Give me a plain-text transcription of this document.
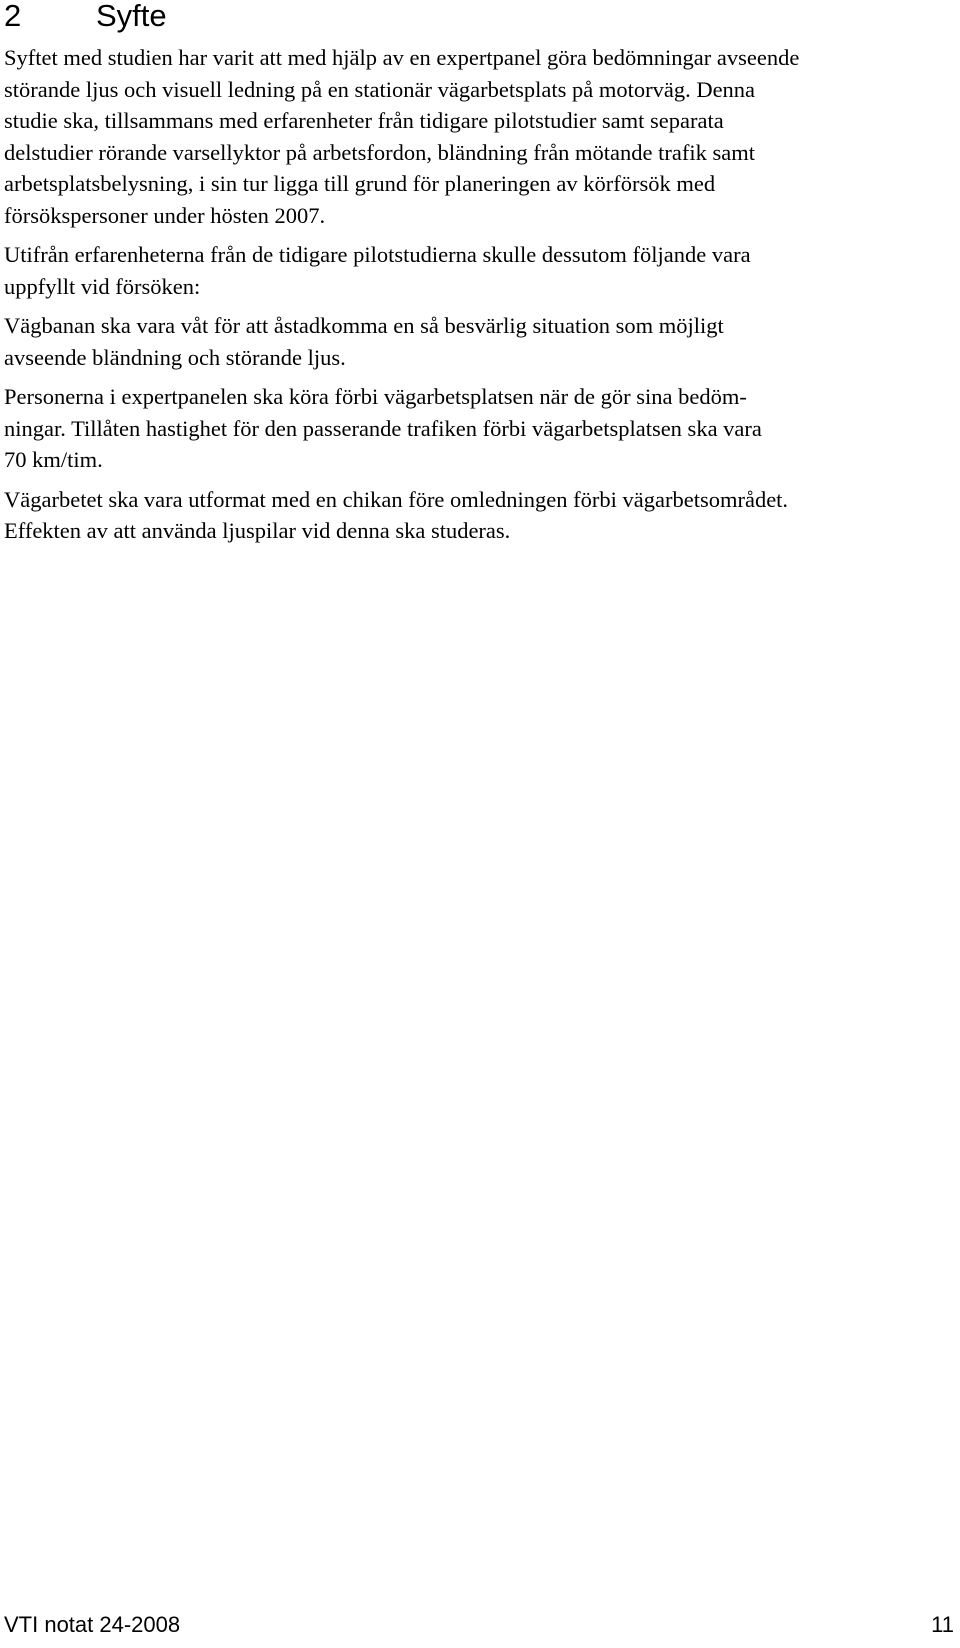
2 Syfte

Syftet med studien har varit att med hjälp av en expertpanel göra bedömningar avseende
störande ljus och visuell ledning på en stationär vägarbetsplats på motorväg. Denna
studie ska, tillsammans med erfarenheter från tidigare pilotstudier samt separata
delstudier rörande varsellyktor på arbetsfordon, bländning från mötande trafik samt
arbetsplatsbelysning, i sin tur ligga till grund för planeringen av körförsök med
försökspersoner under hösten 2007.

Utifrån erfarenheterna från de tidigare pilotstudierna skulle dessutom följande vara
uppfyllt vid försöken:

Vägbanan ska vara våt för att åstadkomma en så besvärlig situation som möjligt
avseende bländning och störande ljus.

Personerna i expertpanelen ska köra förbi vägarbetsplatsen när de gör sina bedöm-
ningar. Tillåten hastighet för den passerande trafiken förbi vägarbetsplatsen ska vara
70 km/tim.

Vägarbetet ska vara utformat med en chikan före omledningen förbi vägarbetsområdet.
Effekten av att använda ljuspilar vid denna ska studeras.

VTI notat 24-2008	11
